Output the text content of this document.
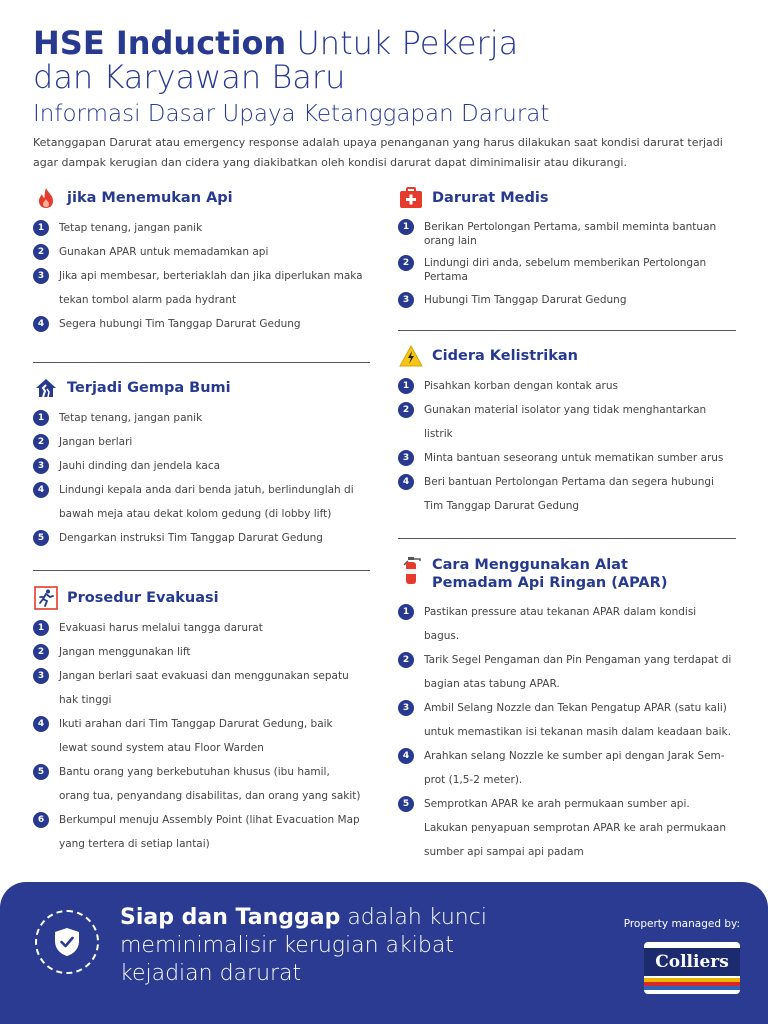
HSE Induction Untuk Pekerja
dan Karyawan Baru
Informasi Dasar Upaya Ketanggapan Darurat
Ketanggapan Darurat atau emergency response adalah upaya penanganan yang harus dilakukan saat kondisi darurat terjadi agar dampak kerugian dan cidera yang diakibatkan oleh kondisi darurat dapat diminimalisir atau dikurangi.
jika Menemukan Api
1	Tetap tenang, jangan panik
2	Gunakan APAR untuk memadamkan api
3	Jika api membesar, berteriaklah dan jika diperlukan maka tekan tombol alarm pada hydrant
4	Segera hubungi Tim Tanggap Darurat Gedung
Terjadi Gempa Bumi
1	Tetap tenang, jangan panik
2	Jangan berlari
3	Jauhi dinding dan jendela kaca
4	Lindungi kepala anda dari benda jatuh, berlindunglah di bawah meja atau dekat kolom gedung (di lobby lift)
5	Dengarkan instruksi Tim Tanggap Darurat Gedung
Prosedur Evakuasi
1	Evakuasi harus melalui tangga darurat
2	Jangan menggunakan lift
3	Jangan berlari saat evakuasi dan menggunakan sepatu hak tinggi
4	Ikuti arahan dari Tim Tanggap Darurat Gedung, baik lewat sound system atau Floor Warden
5	Bantu orang yang berkebutuhan khusus (ibu hamil, orang tua, penyandang disabilitas, dan orang yang sakit)
6	Berkumpul menuju Assembly Point (lihat Evacuation Map yang tertera di setiap lantai)
Darurat Medis
1	Berikan Pertolongan Pertama, sambil meminta bantuan orang lain
2	Lindungi diri anda, sebelum memberikan Pertolongan Pertama
3	Hubungi Tim Tanggap Darurat Gedung
Cidera Kelistrikan
1	Pisahkan korban dengan kontak arus
2	Gunakan material isolator yang tidak menghantarkan listrik
3	Minta bantuan seseorang untuk mematikan sumber arus
4	Beri bantuan Pertolongan Pertama dan segera hubungi Tim Tanggap Darurat Gedung
Cara Menggunakan Alat
Pemadam Api Ringan (APAR)
1	Pastikan pressure atau tekanan APAR dalam kondisi bagus.
2	Tarik Segel Pengaman dan Pin Pengaman yang terdapat di bagian atas tabung APAR.
3	Ambil Selang Nozzle dan Tekan Pengatup APAR (satu kali) untuk memastikan isi tekanan masih dalam keadaan baik.
4	Arahkan selang Nozzle ke sumber api dengan Jarak Sem-prot (1,5-2 meter).
5	Semprotkan APAR ke arah permukaan sumber api. Lakukan penyapuan semprotan APAR ke arah permukaan sumber api sampai api padam
Siap dan Tanggap adalah kunci meminimalisir kerugian akibat kejadian darurat
Property managed by:
Colliers
